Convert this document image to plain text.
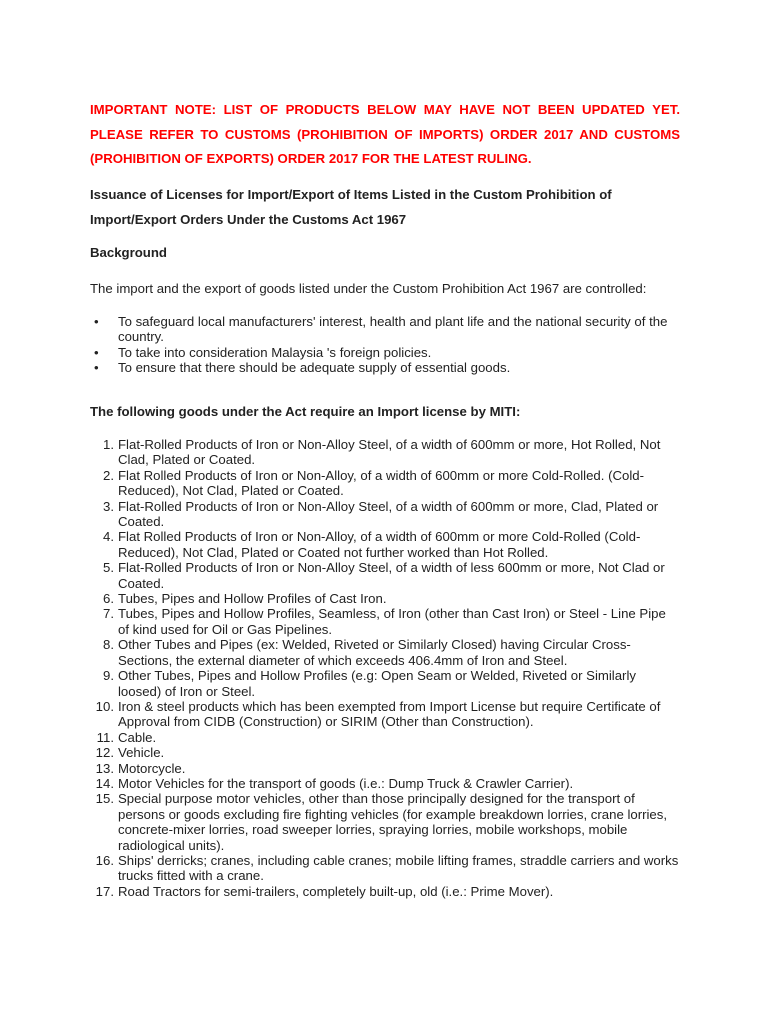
IMPORTANT NOTE: LIST OF PRODUCTS BELOW MAY HAVE NOT BEEN UPDATED YET. PLEASE REFER TO CUSTOMS (PROHIBITION OF IMPORTS) ORDER 2017 AND CUSTOMS (PROHIBITION OF EXPORTS) ORDER 2017 FOR THE LATEST RULING.

Issuance of Licenses for Import/Export of Items Listed in the Custom Prohibition of Import/Export Orders Under the Customs Act 1967

Background

The import and the export of goods listed under the Custom Prohibition Act 1967 are controlled:

• To safeguard local manufacturers' interest, health and plant life and the national security of the country.
• To take into consideration Malaysia 's foreign policies.
• To ensure that there should be adequate supply of essential goods.

The following goods under the Act require an Import license by MITI:

1. Flat-Rolled Products of Iron or Non-Alloy Steel, of a width of 600mm or more, Hot Rolled, Not Clad, Plated or Coated.
2. Flat Rolled Products of Iron or Non-Alloy, of a width of 600mm or more Cold-Rolled. (Cold-Reduced), Not Clad, Plated or Coated.
3. Flat-Rolled Products of Iron or Non-Alloy Steel, of a width of 600mm or more, Clad, Plated or Coated.
4. Flat Rolled Products of Iron or Non-Alloy, of a width of 600mm or more Cold-Rolled (Cold-Reduced), Not Clad, Plated or Coated not further worked than Hot Rolled.
5. Flat-Rolled Products of Iron or Non-Alloy Steel, of a width of less 600mm or more, Not Clad or Coated.
6. Tubes, Pipes and Hollow Profiles of Cast Iron.
7. Tubes, Pipes and Hollow Profiles, Seamless, of Iron (other than Cast Iron) or Steel - Line Pipe of kind used for Oil or Gas Pipelines.
8. Other Tubes and Pipes (ex: Welded, Riveted or Similarly Closed) having Circular Cross-Sections, the external diameter of which exceeds 406.4mm of Iron and Steel.
9. Other Tubes, Pipes and Hollow Profiles (e.g: Open Seam or Welded, Riveted or Similarly loosed) of Iron or Steel.
10. Iron & steel products which has been exempted from Import License but require Certificate of Approval from CIDB (Construction) or SIRIM (Other than Construction).
11. Cable.
12. Vehicle.
13. Motorcycle.
14. Motor Vehicles for the transport of goods (i.e.: Dump Truck & Crawler Carrier).
15. Special purpose motor vehicles, other than those principally designed for the transport of persons or goods excluding fire fighting vehicles (for example breakdown lorries, crane lorries, concrete-mixer lorries, road sweeper lorries, spraying lorries, mobile workshops, mobile radiological units).
16. Ships' derricks; cranes, including cable cranes; mobile lifting frames, straddle carriers and works trucks fitted with a crane.
17. Road Tractors for semi-trailers, completely built-up, old (i.e.: Prime Mover).
